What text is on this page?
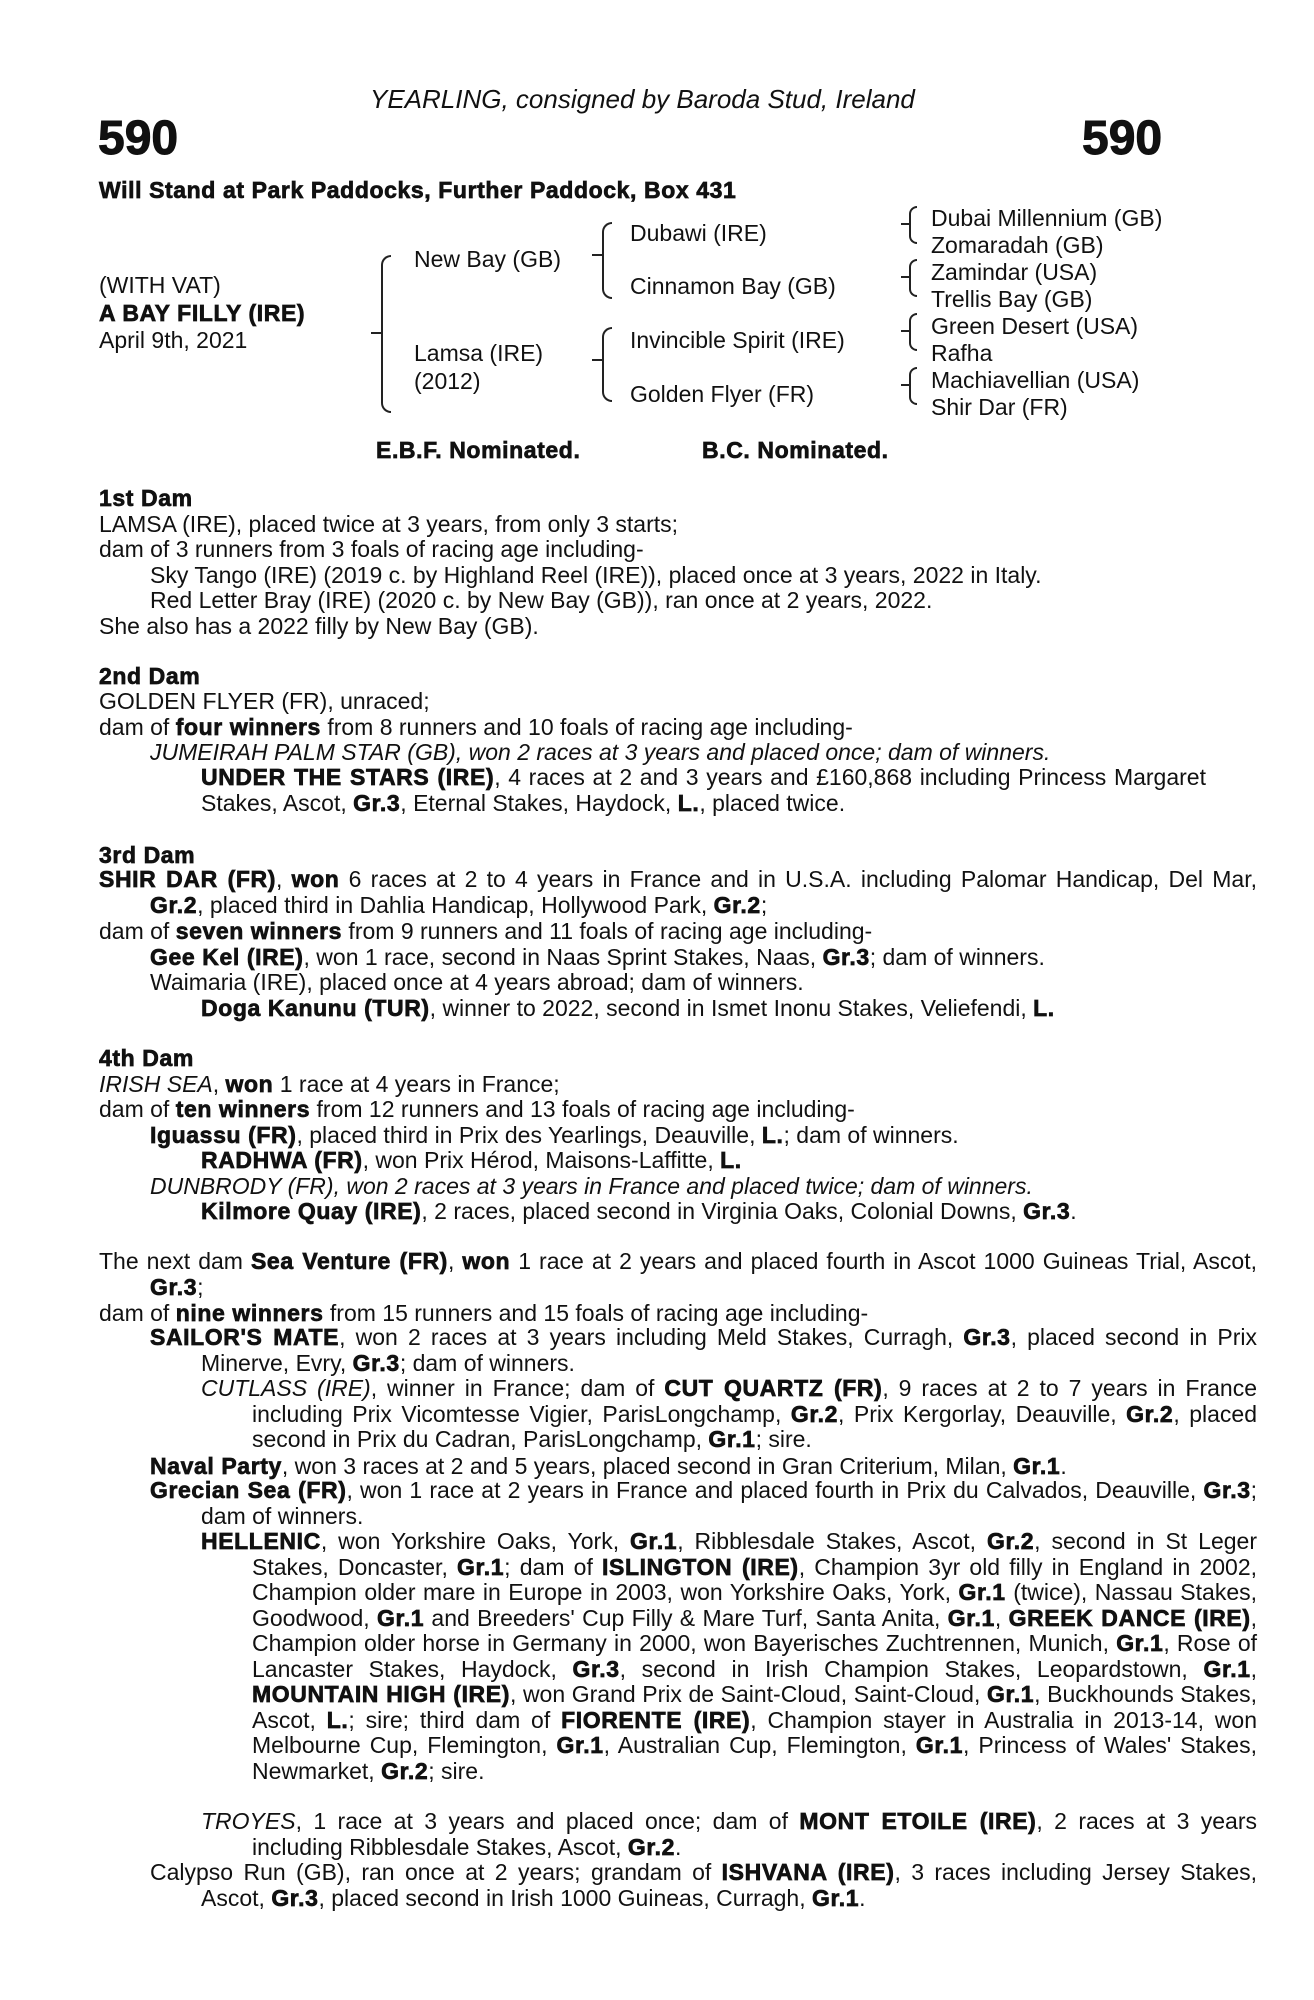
YEARLING, consigned by Baroda Stud, Ireland
590	590
Will Stand at Park Paddocks, Further Paddock, Box 431
(WITH VAT)
A BAY FILLY (IRE)
April 9th, 2021
New Bay (GB)
Lamsa (IRE)
(2012)
Dubawi (IRE)
Cinnamon Bay (GB)
Invincible Spirit (IRE)
Golden Flyer (FR)
Dubai Millennium (GB)
Zomaradah (GB)
Zamindar (USA)
Trellis Bay (GB)
Green Desert (USA)
Rafha
Machiavellian (USA)
Shir Dar (FR)
E.B.F. Nominated.	B.C. Nominated.
1st Dam
LAMSA (IRE), placed twice at 3 years, from only 3 starts;
dam of 3 runners from 3 foals of racing age including-
Sky Tango (IRE) (2019 c. by Highland Reel (IRE)), placed once at 3 years, 2022 in Italy.
Red Letter Bray (IRE) (2020 c. by New Bay (GB)), ran once at 2 years, 2022.
She also has a 2022 filly by New Bay (GB).
2nd Dam
GOLDEN FLYER (FR), unraced;
dam of four winners from 8 runners and 10 foals of racing age including-
JUMEIRAH PALM STAR (GB), won 2 races at 3 years and placed once; dam of winners.
UNDER THE STARS (IRE), 4 races at 2 and 3 years and £160,868 including Princess Margaret Stakes, Ascot, Gr.3, Eternal Stakes, Haydock, L., placed twice.
3rd Dam
SHIR DAR (FR), won 6 races at 2 to 4 years in France and in U.S.A. including Palomar Handicap, Del Mar, Gr.2, placed third in Dahlia Handicap, Hollywood Park, Gr.2;
dam of seven winners from 9 runners and 11 foals of racing age including-
Gee Kel (IRE), won 1 race, second in Naas Sprint Stakes, Naas, Gr.3; dam of winners.
Waimaria (IRE), placed once at 4 years abroad; dam of winners.
Doga Kanunu (TUR), winner to 2022, second in Ismet Inonu Stakes, Veliefendi, L.
4th Dam
IRISH SEA, won 1 race at 4 years in France;
dam of ten winners from 12 runners and 13 foals of racing age including-
Iguassu (FR), placed third in Prix des Yearlings, Deauville, L.; dam of winners.
RADHWA (FR), won Prix Hérod, Maisons-Laffitte, L.
DUNBRODY (FR), won 2 races at 3 years in France and placed twice; dam of winners.
Kilmore Quay (IRE), 2 races, placed second in Virginia Oaks, Colonial Downs, Gr.3.
The next dam Sea Venture (FR), won 1 race at 2 years and placed fourth in Ascot 1000 Guineas Trial, Ascot, Gr.3;
dam of nine winners from 15 runners and 15 foals of racing age including-
SAILOR'S MATE, won 2 races at 3 years including Meld Stakes, Curragh, Gr.3, placed second in Prix Minerve, Evry, Gr.3; dam of winners.
CUTLASS (IRE), winner in France; dam of CUT QUARTZ (FR), 9 races at 2 to 7 years in France including Prix Vicomtesse Vigier, ParisLongchamp, Gr.2, Prix Kergorlay, Deauville, Gr.2, placed second in Prix du Cadran, ParisLongchamp, Gr.1; sire.
Naval Party, won 3 races at 2 and 5 years, placed second in Gran Criterium, Milan, Gr.1.
Grecian Sea (FR), won 1 race at 2 years in France and placed fourth in Prix du Calvados, Deauville, Gr.3; dam of winners.
HELLENIC, won Yorkshire Oaks, York, Gr.1, Ribblesdale Stakes, Ascot, Gr.2, second in St Leger Stakes, Doncaster, Gr.1; dam of ISLINGTON (IRE), Champion 3yr old filly in England in 2002, Champion older mare in Europe in 2003, won Yorkshire Oaks, York, Gr.1 (twice), Nassau Stakes, Goodwood, Gr.1 and Breeders' Cup Filly & Mare Turf, Santa Anita, Gr.1, GREEK DANCE (IRE), Champion older horse in Germany in 2000, won Bayerisches Zuchtrennen, Munich, Gr.1, Rose of Lancaster Stakes, Haydock, Gr.3, second in Irish Champion Stakes, Leopardstown, Gr.1, MOUNTAIN HIGH (IRE), won Grand Prix de Saint-Cloud, Saint-Cloud, Gr.1, Buckhounds Stakes, Ascot, L.; sire; third dam of FIORENTE (IRE), Champion stayer in Australia in 2013-14, won Melbourne Cup, Flemington, Gr.1, Australian Cup, Flemington, Gr.1, Princess of Wales' Stakes, Newmarket, Gr.2; sire.
TROYES, 1 race at 3 years and placed once; dam of MONT ETOILE (IRE), 2 races at 3 years including Ribblesdale Stakes, Ascot, Gr.2.
Calypso Run (GB), ran once at 2 years; grandam of ISHVANA (IRE), 3 races including Jersey Stakes, Ascot, Gr.3, placed second in Irish 1000 Guineas, Curragh, Gr.1.
